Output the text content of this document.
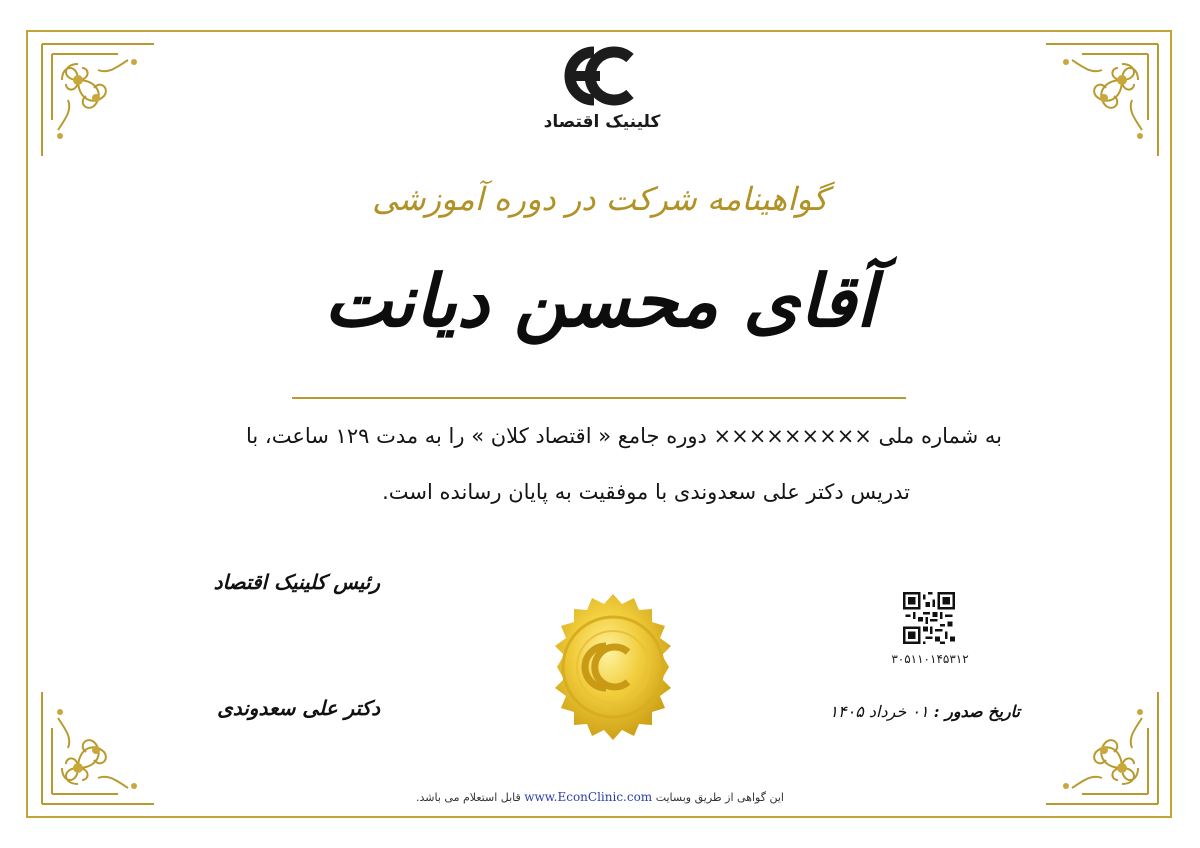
کلینیک اقتصاد
گواهینامه شرکت در دوره آموزشی
آقای محسن دیانت
به شماره ملی ××××××××× دوره جامع « اقتصاد کلان » را به مدت ۱۲۹ ساعت، با
تدریس دکتر علی سعدوندی با موفقیت به پایان رسانده است.
رئیس کلینیک اقتصاد
دکتر علی سعدوندی
۳۰۵۱۱۰۱۴۵۳۱۲
تاریخ صدور : ۰۱ خرداد ۱۴۰۵
این گواهی از طریق وبسایت www.EconClinic.com قابل استعلام می باشد.
